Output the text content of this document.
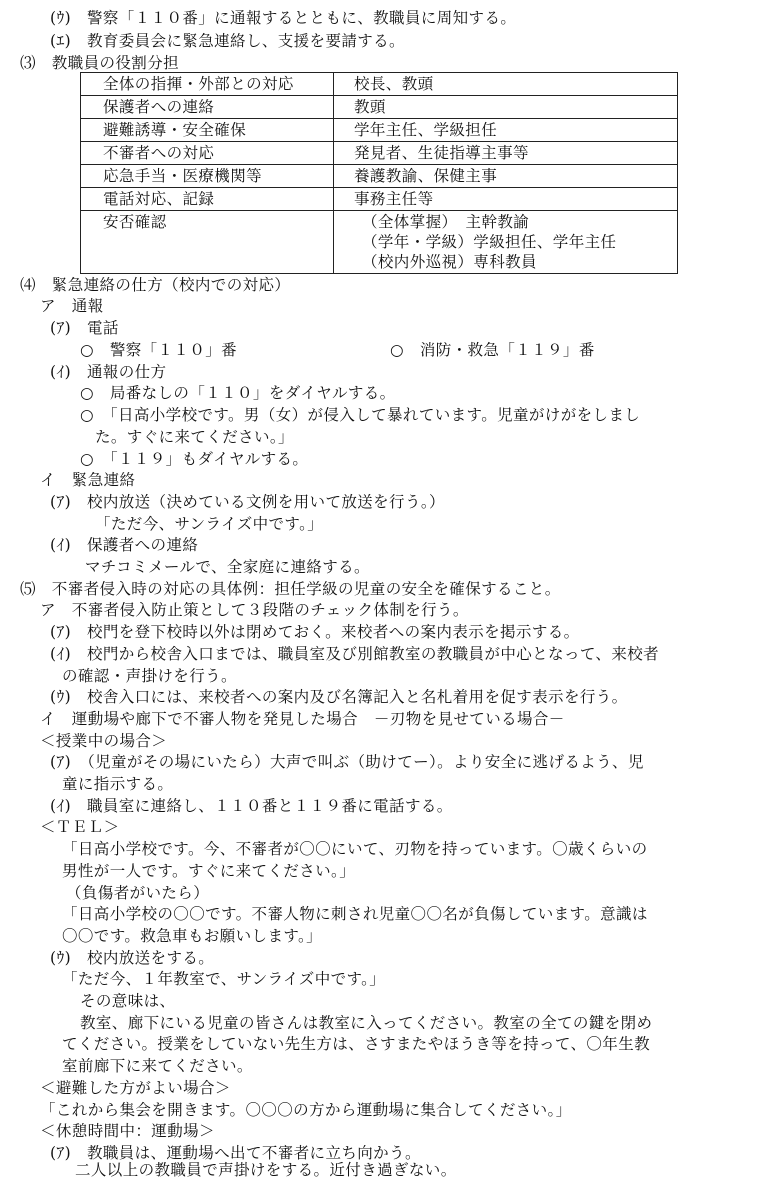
(ｳ)　警察「１１０番」に通報するとともに、教職員に周知する。
(ｴ)　教育委員会に緊急連絡し、支援を要請する。
⑶　教職員の役割分担
全体の指揮・外部との対応	校長、教頭

保護者への連絡	教頭

避難誘導・安全確保	学年主任、学級担任

不審者への対応	発見者、生徒指導主事等

応急手当・医療機関等	養護教諭、保健主事

電話対応、記録	事務主任等

安否確認	（全体掌握）　主幹教諭
（学年・学級）学級担任、学年主任
（校内外巡視）専科教員
⑷　緊急連絡の仕方（校内での対応）
ア　通報
(ｱ)　電話
○　警察「１１０」番	○　消防・救急「１１９」番
(ｲ)　通報の仕方
○　局番なしの「１１０」をダイヤルする。
○　「日高小学校です。男（女）が侵入して暴れています。児童がけがをしまし
た。すぐに来てください。」
○　「１１９」もダイヤルする。
イ　緊急連絡
(ｱ)　校内放送（決めている文例を用いて放送を行う。）
「ただ今、サンライズ中です。」
(ｲ)　保護者への連絡
マチコミメールで、全家庭に連絡する。
⑸　不審者侵入時の対応の具体例：担任学級の児童の安全を確保すること。
ア　不審者侵入防止策として３段階のチェック体制を行う。
(ｱ)　校門を登下校時以外は閉めておく。来校者への案内表示を掲示する。
(ｲ)　校門から校舎入口までは、職員室及び別館教室の教職員が中心となって、来校者
の確認・声掛けを行う。
(ｳ)　校舎入口には、来校者への案内及び名簿記入と名札着用を促す表示を行う。
イ　運動場や廊下で不審人物を発見した場合　－刃物を見せている場合－
＜授業中の場合＞
(ｱ)　（児童がその場にいたら）大声で叫ぶ（助けてー）。より安全に逃げるよう、児
童に指示する。
(ｲ)　職員室に連絡し、１１０番と１１９番に電話する。
＜ＴＥＬ＞
「日高小学校です。今、不審者が〇〇にいて、刃物を持っています。〇歳くらいの
男性が一人です。すぐに来てください。」
（負傷者がいたら）
「日高小学校の〇〇です。不審人物に刺され児童〇〇名が負傷しています。意識は
〇〇です。救急車もお願いします。」
(ｳ)　校内放送をする。
「ただ今、１年教室で、サンライズ中です。」
その意味は、
教室、廊下にいる児童の皆さんは教室に入ってください。教室の全ての鍵を閉め
てください。授業をしていない先生方は、さすまたやほうき等を持って、〇年生教
室前廊下に来てください。
＜避難した方がよい場合＞
「これから集会を開きます。〇〇〇の方から運動場に集合してください。」
＜休憩時間中：運動場＞
(ｱ)　教職員は、運動場へ出て不審者に立ち向かう。
二人以上の教職員で声掛けをする。近付き過ぎない。
